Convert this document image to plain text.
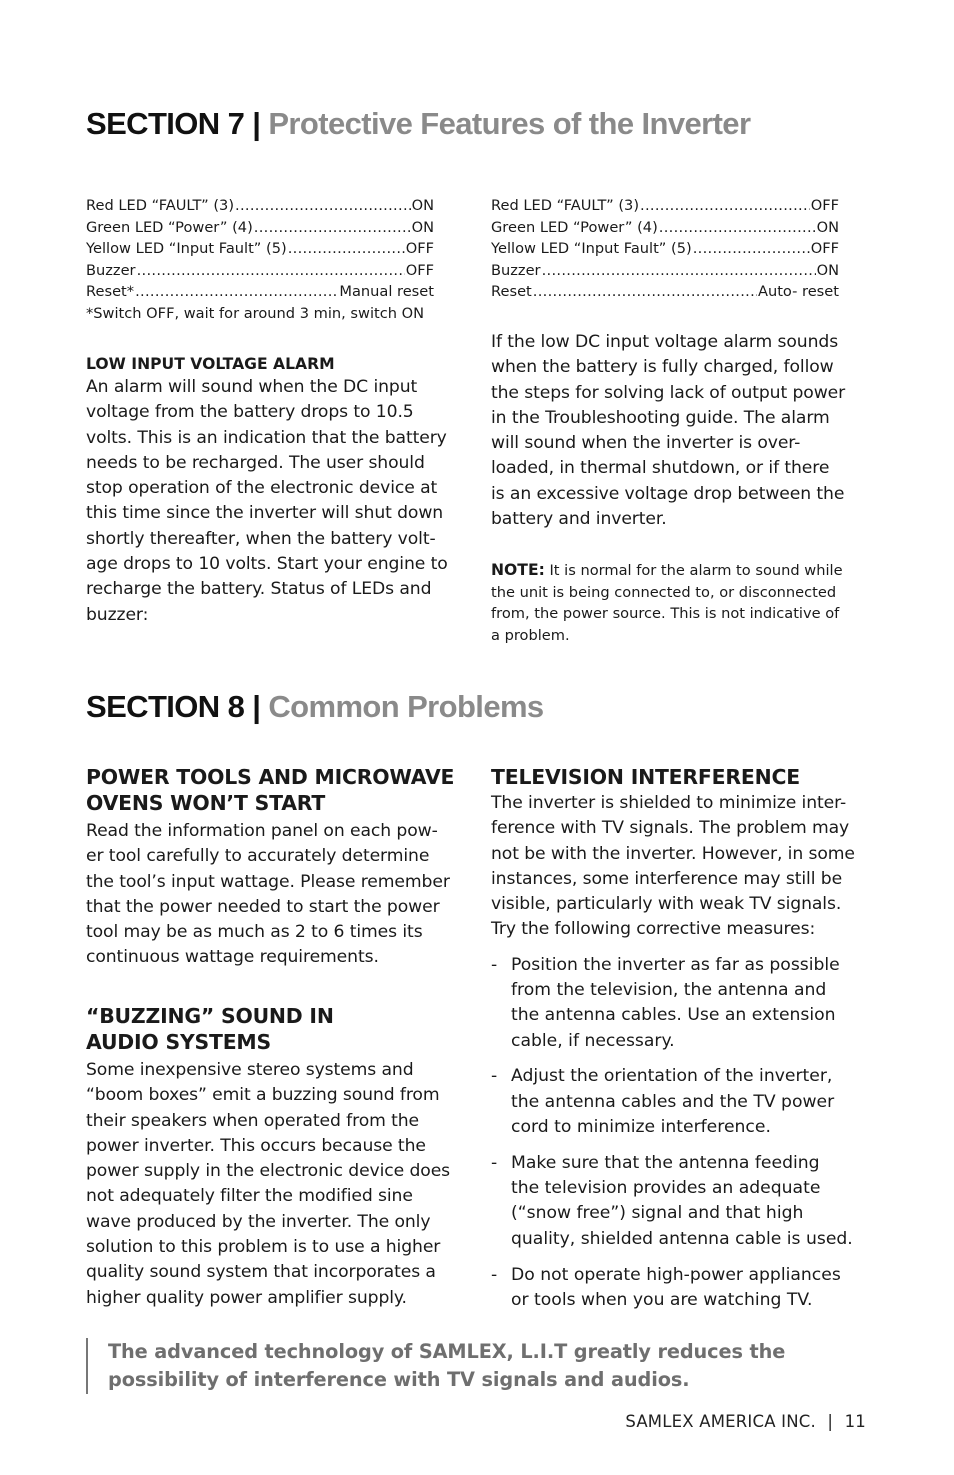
SECTION 7 | Protective Features of the Inverter
Red LED “FAULT” (3) .....	ON
Green LED “Power” (4) .....	ON
Yellow LED “Input Fault” (5) .....	OFF
Buzzer .....	OFF
Reset* .....	Manual reset
*Switch OFF, wait for around 3 min, switch ON

LOW INPUT VOLTAGE ALARM

An alarm will sound when the DC input
voltage from the battery drops to 10.5
volts. This is an indication that the battery
needs to be recharged. The user should
stop operation of the electronic device at
this time since the inverter will shut down
shortly thereafter, when the battery volt-
age drops to 10 volts. Start your engine to
recharge the battery. Status of LEDs and
buzzer:
Red LED “FAULT” (3) .....	OFF
Green LED “Power” (4) .....	ON
Yellow LED “Input Fault” (5) .....	OFF
Buzzer .....	ON
Reset .....	Auto- reset
If the low DC input voltage alarm sounds
when the battery is fully charged, follow
the steps for solving lack of output power
in the Troubleshooting guide. The alarm
will sound when the inverter is over-
loaded, in thermal shutdown, or if there
is an excessive voltage drop between the
battery and inverter.
NOTE: It is normal for the alarm to sound while
the unit is being connected to, or disconnected
from, the power source. This is not indicative of
a problem.
SECTION 8 | Common Problems
POWER TOOLS AND MICROWAVE
OVENS WON’T START
Read the information panel on each pow-
er tool carefully to accurately determine
the tool’s input wattage. Please remember
that the power needed to start the power
tool may be as much as 2 to 6 times its
continuous wattage requirements.
“BUZZING” SOUND IN
AUDIO SYSTEMS
Some inexpensive stereo systems and
“boom boxes” emit a buzzing sound from
their speakers when operated from the
power inverter. This occurs because the
power supply in the electronic device does
not adequately filter the modified sine
wave produced by the inverter. The only
solution to this problem is to use a higher
quality sound system that incorporates a
higher quality power amplifier supply.

TELEVISION INTERFERENCE

The inverter is shielded to minimize inter-
ference with TV signals. The problem may
not be with the inverter. However, in some
instances, some interference may still be
visible, particularly with weak TV signals.
Try the following corrective measures:
- Position the inverter as far as possible
from the television, the antenna and
the antenna cables. Use an extension
cable, if necessary.
- Adjust the orientation of the inverter,
the antenna cables and the TV power
cord to minimize interference.
- Make sure that the antenna feeding
the television provides an adequate
(“snow free”) signal and that high
quality, shielded antenna cable is used.
- Do not operate high-power appliances
or tools when you are watching TV.

The advanced technology of SAMLEX, L.I.T greatly reduces the
possibility of interference with TV signals and audios.

SAMLEX AMERICA INC. | 11
